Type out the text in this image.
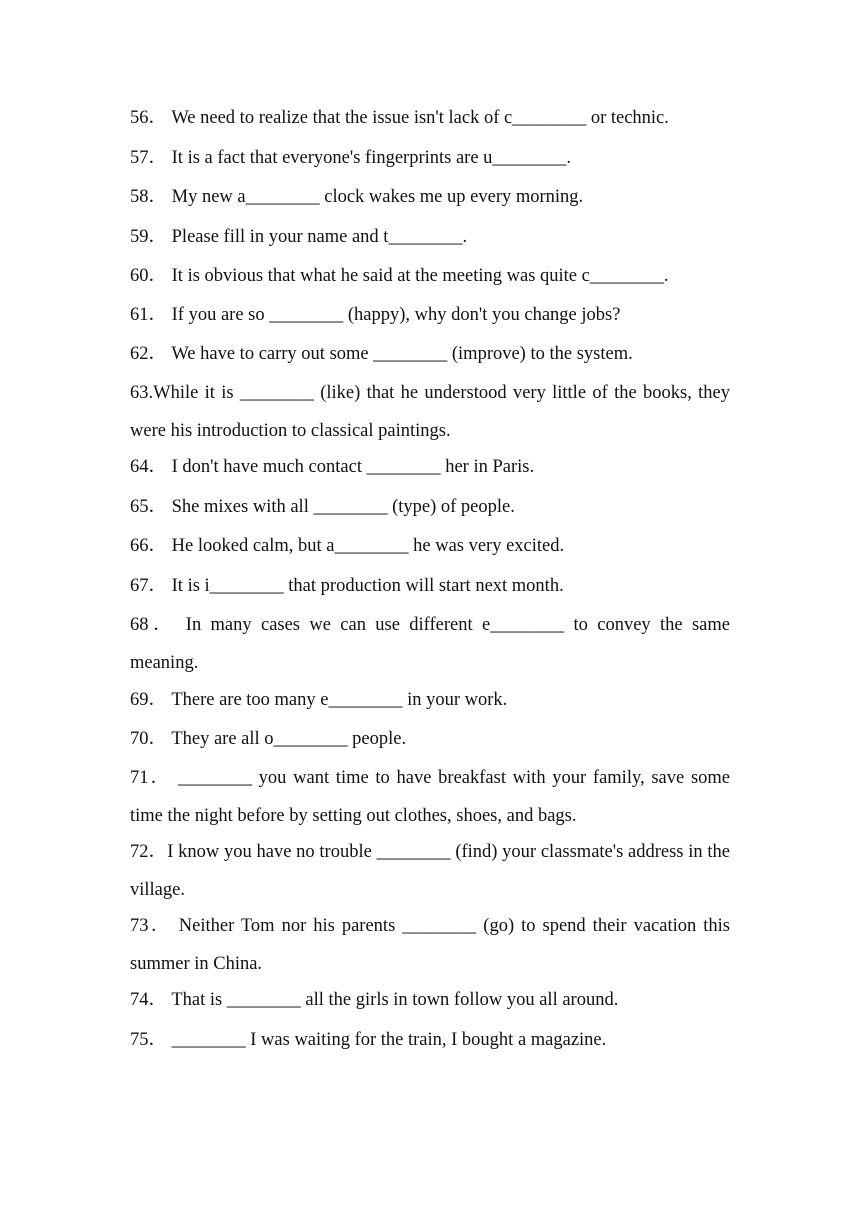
56． We need to realize that the issue isn't lack of c________ or technic.
57． It is a fact that everyone's fingerprints are u________.
58． My new a________ clock wakes me up every morning.
59． Please fill in your name and t________.
60． It is obvious that what he said at the meeting was quite c________.
61． If you are so ________ (happy), why don't you change jobs?
62． We have to carry out some ________ (improve) to the system.
63.While it is ________ (like) that he understood very little of the books, they were his introduction to classical paintings.
64． I don't have much contact ________ her in Paris.
65． She mixes with all ________ (type) of people.
66． He looked calm, but a________ he was very excited.
67． It is i________ that production will start next month.
68． In many cases we can use different e________ to convey the same meaning.
69． There are too many e________ in your work.
70． They are all o________ people.
71． ________ you want time to have breakfast with your family, save some time the night before by setting out clothes, shoes, and bags.
72．I know you have no trouble ________ (find) your classmate's address in the village.
73． Neither Tom nor his parents ________ (go) to spend their vacation this summer in China.
74． That is ________ all the girls in town follow you all around.
75． ________ I was waiting for the train, I bought a magazine.
